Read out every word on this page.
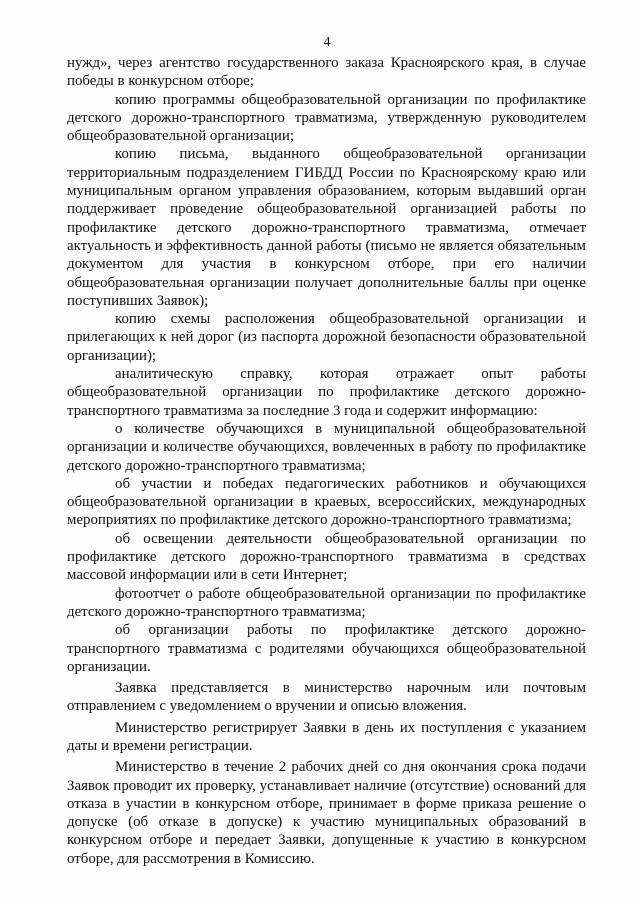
4

нужд», через агентство государственного заказа Красноярского края, в случае победы в конкурсном отборе;

копию программы общеобразовательной организации по профилактике детского дорожно-транспортного травматизма, утвержденную руководителем общеобразовательной организации;

копию письма, выданного общеобразовательной организации территориальным подразделением ГИБДД России по Красноярскому краю или муниципальным органом управления образованием, которым выдавший орган поддерживает проведение общеобразовательной организацией работы по профилактике детского дорожно-транспортного травматизма, отмечает актуальность и эффективность данной работы (письмо не является обязательным документом для участия в конкурсном отборе, при его наличии общеобразовательная организации получает дополнительные баллы при оценке поступивших Заявок);

копию схемы расположения общеобразовательной организации и прилегающих к ней дорог (из паспорта дорожной безопасности образовательной организации);

аналитическую справку, которая отражает опыт работы общеобразовательной организации по профилактике детского дорожно-транспортного травматизма за последние 3 года и содержит информацию:

о количестве обучающихся в муниципальной общеобразовательной организации и количестве обучающихся, вовлеченных в работу по профилактике детского дорожно-транспортного травматизма;

об участии и победах педагогических работников и обучающихся общеобразовательной организации в краевых, всероссийских, международных мероприятиях по профилактике детского дорожно-транспортного травматизма;

об освещении деятельности общеобразовательной организации по профилактике детского дорожно-транспортного травматизма в средствах массовой информации или в сети Интернет;

фотоотчет о работе общеобразовательной организации по профилактике детского дорожно-транспортного травматизма;

об организации работы по профилактике детского дорожно-транспортного травматизма с родителями обучающихся общеобразовательной организации.

Заявка представляется в министерство нарочным или почтовым отправлением с уведомлением о вручении и описью вложения.

Министерство регистрирует Заявки в день их поступления с указанием даты и времени регистрации.

Министерство в течение 2 рабочих дней со дня окончания срока подачи Заявок проводит их проверку, устанавливает наличие (отсутствие) оснований для отказа в участии в конкурсном отборе, принимает в форме приказа решение о допуске (об отказе в допуске) к участию муниципальных образований в конкурсном отборе и передает Заявки, допущенные к участию в конкурсном отборе, для рассмотрения в Комиссию.
